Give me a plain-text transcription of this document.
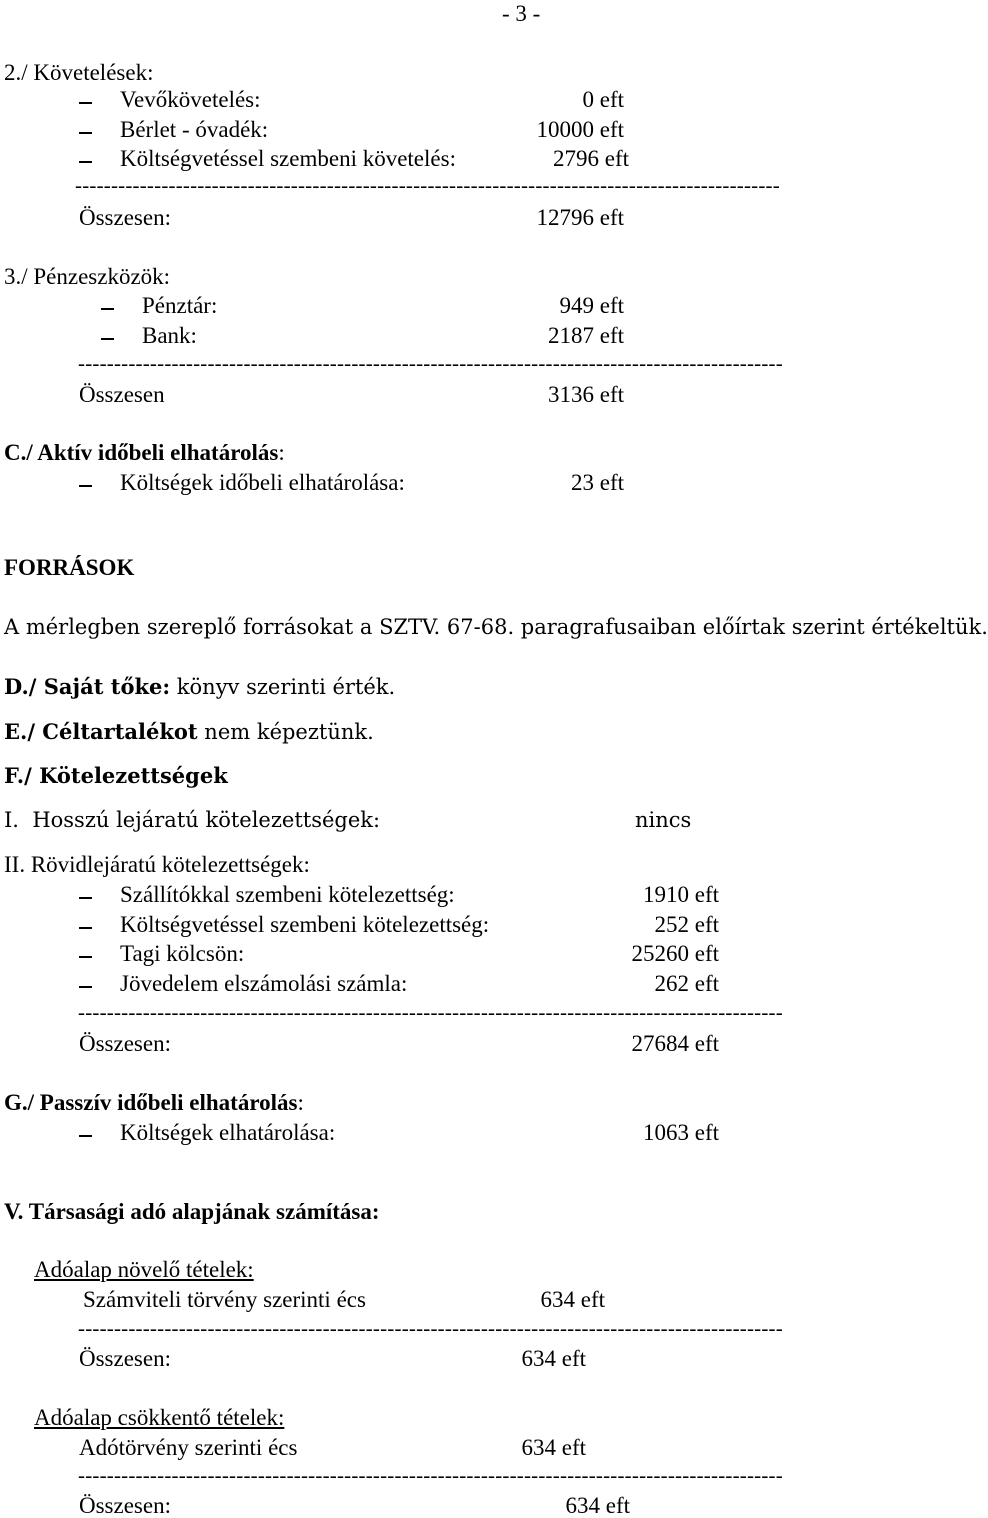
- 3 -
2./ Követelések:
Vevőkövetelés:	0 eft
Bérlet - óvadék:	10000 eft
Költségvetéssel szembeni követelés:	2796 eft
--------------------------------------------------------------------------------------------------
Összesen:	12796 eft
3./ Pénzeszközök:
Pénztár:	949 eft
Bank:	2187 eft
--------------------------------------------------------------------------------------------------
Összesen	3136 eft
C./ Aktív időbeli elhatárolás:
Költségek időbeli elhatárolása:	23 eft
FORRÁSOK
A mérlegben szereplő forrásokat a SZTV. 67-68. paragrafusaiban előírtak szerint értékeltük.
D./ Saját tőke: könyv szerinti érték.
E./ Céltartalékot nem képeztünk.
F./ Kötelezettségek
I.  Hosszú lejáratú kötelezettségek:	nincs
II. Rövidlejáratú kötelezettségek:
Szállítókkal szembeni kötelezettség:	1910 eft
Költségvetéssel szembeni kötelezettség:	252 eft
Tagi kölcsön:	25260 eft
Jövedelem elszámolási számla:	262 eft
--------------------------------------------------------------------------------------------------
Összesen:	27684 eft
G./ Passzív időbeli elhatárolás:
Költségek elhatárolása:	1063 eft
V. Társasági adó alapjának számítása:
Adóalap növelő tételek:
Számviteli törvény szerinti écs	634 eft
--------------------------------------------------------------------------------------------------
Összesen:	634 eft
Adóalap csökkentő tételek:
Adótörvény szerinti écs	634 eft
--------------------------------------------------------------------------------------------------
Összesen:	634 eft
